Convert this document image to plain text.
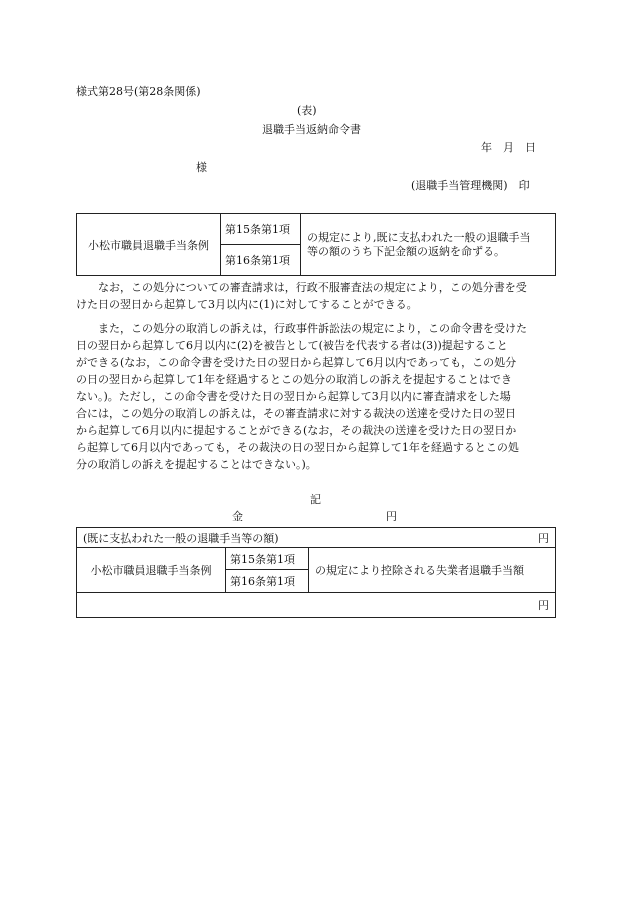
様式第28号(第28条関係)
(表)
退職手当返納命令書
年　月　日
様
(退職手当管理機関)　印
小松市職員退職手当条例	第15条第1項	の規定により,既に支払われた一般の退職手当
等の額のうち下記金額の返納を命ずる。
第16条第1項
なお，この処分についての審査請求は，行政不服審査法の規定により，この処分書を受
けた日の翌日から起算して3月以内に(1)に対してすることができる。
また，この処分の取消しの訴えは，行政事件訴訟法の規定により，この命令書を受けた
日の翌日から起算して6月以内に(2)を被告として(被告を代表する者は(3))提起すること
ができる(なお，この命令書を受けた日の翌日から起算して6月以内であっても，この処分
の日の翌日から起算して1年を経過するとこの処分の取消しの訴えを提起することはでき
ない。)。ただし，この命令書を受けた日の翌日から起算して3月以内に審査請求をした場
合には，この処分の取消しの訴えは，その審査請求に対する裁決の送達を受けた日の翌日
から起算して6月以内に提起することができる(なお，その裁決の送達を受けた日の翌日か
ら起算して6月以内であっても，その裁決の日の翌日から起算して1年を経過するとこの処
分の取消しの訴えを提起することはできない。)。
記
金	円
(既に支払われた一般の退職手当等の額)	円

小松市職員退職手当条例	第15条第1項	の規定により控除される失業者退職手当額
第16条第1項
円
